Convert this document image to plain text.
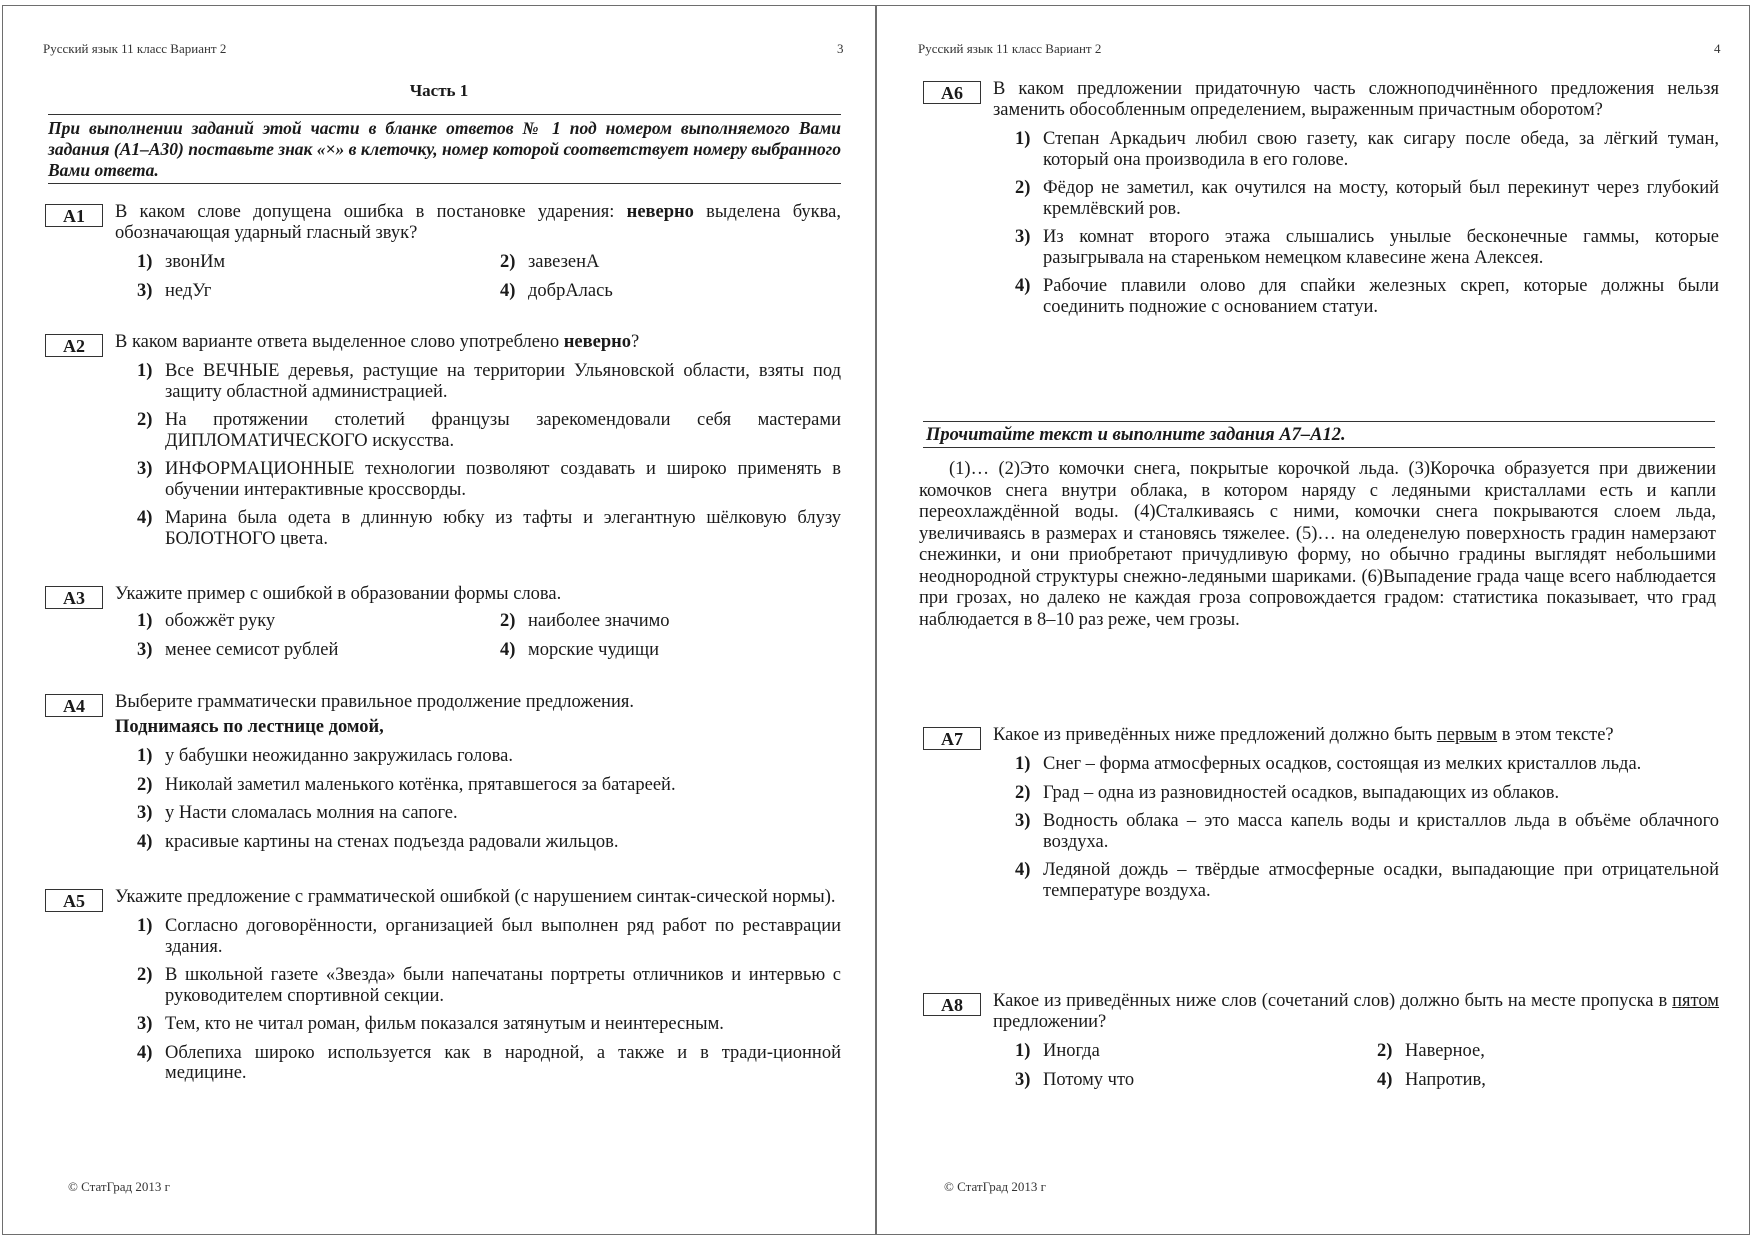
Русский язык 11 класс Вариант 2	3
Часть 1
При выполнении заданий этой части в бланке ответов № 1 под номером выполняемого Вами задания (А1–А30) поставьте знак «×» в клеточку, номер которой соответствует номеру выбранного Вами ответа.
A1	В каком слове допущена ошибка в постановке ударения: неверно выделена буква, обозначающая ударный гласный звук?
1) звонИм	2) завезенА
3) недУг	4) добрАлась
A2	В каком варианте ответа выделенное слово употреблено неверно?
1) Все ВЕЧНЫЕ деревья, растущие на территории Ульяновской области, взяты под защиту областной администрацией.
2) На протяжении столетий французы зарекомендовали себя мастерами ДИПЛОМАТИЧЕСКОГО искусства.
3) ИНФОРМАЦИОННЫЕ технологии позволяют создавать и широко применять в обучении интерактивные кроссворды.
4) Марина была одета в длинную юбку из тафты и элегантную шёлковую блузу БОЛОТНОГО цвета.
A3	Укажите пример с ошибкой в образовании формы слова.
1) обожжёт руку	2) наиболее значимо
3) менее семисот рублей	4) морские чудищи
A4	Выберите грамматически правильное продолжение предложения.
Поднимаясь по лестнице домой,
1) у бабушки неожиданно закружилась голова.
2) Николай заметил маленького котёнка, прятавшегося за батареей.
3) у Насти сломалась молния на сапоге.
4) красивые картины на стенах подъезда радовали жильцов.
A5	Укажите предложение с грамматической ошибкой (с нарушением синтак-сической нормы).
1) Согласно договорённости, организацией был выполнен ряд работ по реставрации здания.
2) В школьной газете «Звезда» были напечатаны портреты отличников и интервью с руководителем спортивной секции.
3) Тем, кто не читал роман, фильм показался затянутым и неинтересным.
4) Облепиха широко используется как в народной, а также и в тради-ционной медицине.
© СтатГрад 2013 г
Русский язык 11 класс Вариант 2	4
A6	В каком предложении придаточную часть сложноподчинённого предложения нельзя заменить обособленным определением, выраженным причастным оборотом?
1) Степан Аркадьич любил свою газету, как сигару после обеда, за лёгкий туман, который она производила в его голове.
2) Фёдор не заметил, как очутился на мосту, который был перекинут через глубокий кремлёвский ров.
3) Из комнат второго этажа слышались унылые бесконечные гаммы, которые разыгрывала на стареньком немецком клавесине жена Алексея.
4) Рабочие плавили олово для спайки железных скреп, которые должны были соединить подножие с основанием статуи.
Прочитайте текст и выполните задания А7–А12.
(1)… (2)Это комочки снега, покрытые корочкой льда. (3)Корочка образуется при движении комочков снега внутри облака, в котором наряду с ледяными кристаллами есть и капли переохлаждённой воды. (4)Сталкиваясь с ними, комочки снега покрываются слоем льда, увеличиваясь в размерах и становясь тяжелее. (5)… на оледенелую поверхность градин намерзают снежинки, и они приобретают причудливую форму, но обычно градины выглядят небольшими неоднородной структуры снежно-ледяными шариками. (6)Выпадение града чаще всего наблюдается при грозах, но далеко не каждая гроза сопровождается градом: статистика показывает, что град наблюдается в 8–10 раз реже, чем грозы.
A7	Какое из приведённых ниже предложений должно быть первым в этом тексте?
1) Снег – форма атмосферных осадков, состоящая из мелких кристаллов льда.
2) Град – одна из разновидностей осадков, выпадающих из облаков.
3) Водность облака – это масса капель воды и кристаллов льда в объёме облачного воздуха.
4) Ледяной дождь – твёрдые атмосферные осадки, выпадающие при отрицательной температуре воздуха.
A8	Какое из приведённых ниже слов (сочетаний слов) должно быть на месте пропуска в пятом предложении?
1) Иногда	2) Наверное,
3) Потому что	4) Напротив,
© СтатГрад 2013 г
